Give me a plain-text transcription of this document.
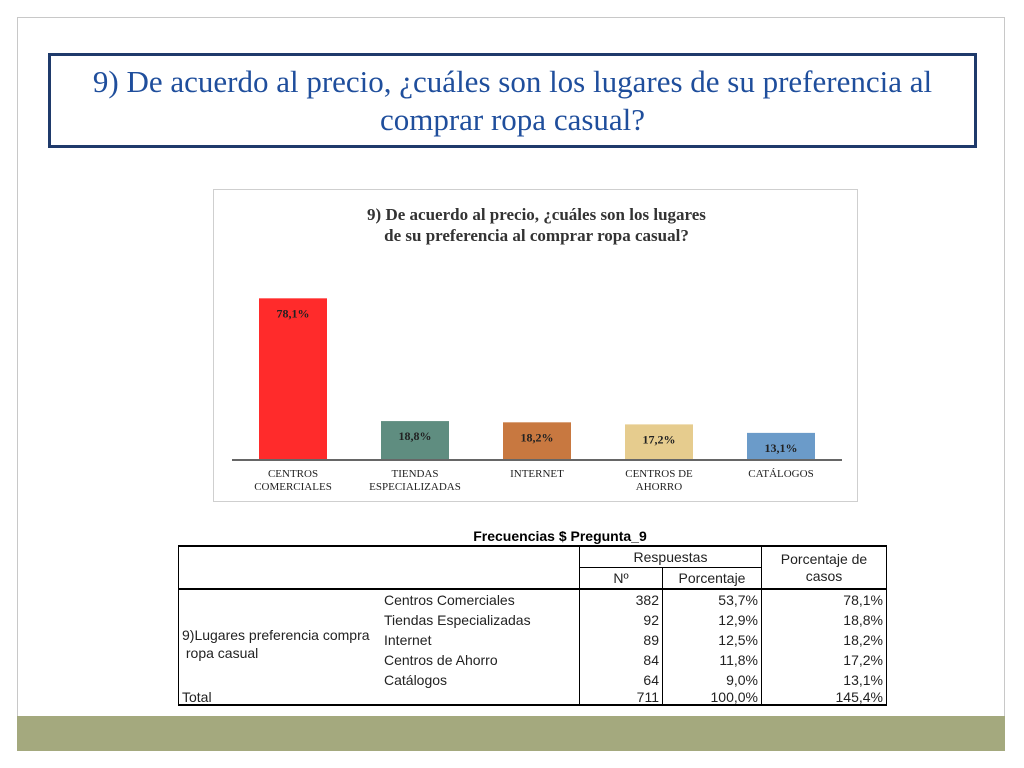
9) De acuerdo al precio, ¿cuáles son los lugares de su preferencia al comprar ropa casual?
9) De acuerdo al precio, ¿cuáles son los lugares
de su preferencia al comprar ropa casual?
78,1%
CENTROS
COMERCIALES
18,8%
TIENDAS
ESPECIALIZADAS
18,2%
INTERNET
17,2%
CENTROS DE
AHORRO
13,1%
CATÁLOGOS
Frecuencias $ Pregunta_9
		Respuestas		Porcentaje de
casos
		Nº	Porcentaje	
9)Lugares preferencia compra
ropa casual	Centros Comerciales	382	53,7%	78,1%
	Tiendas Especializadas	92	12,9%	18,8%
	Internet	89	12,5%	18,2%
	Centros de Ahorro	84	11,8%	17,2%
	Catálogos	64	9,0%	13,1%
Total		711	100,0%	145,4%
